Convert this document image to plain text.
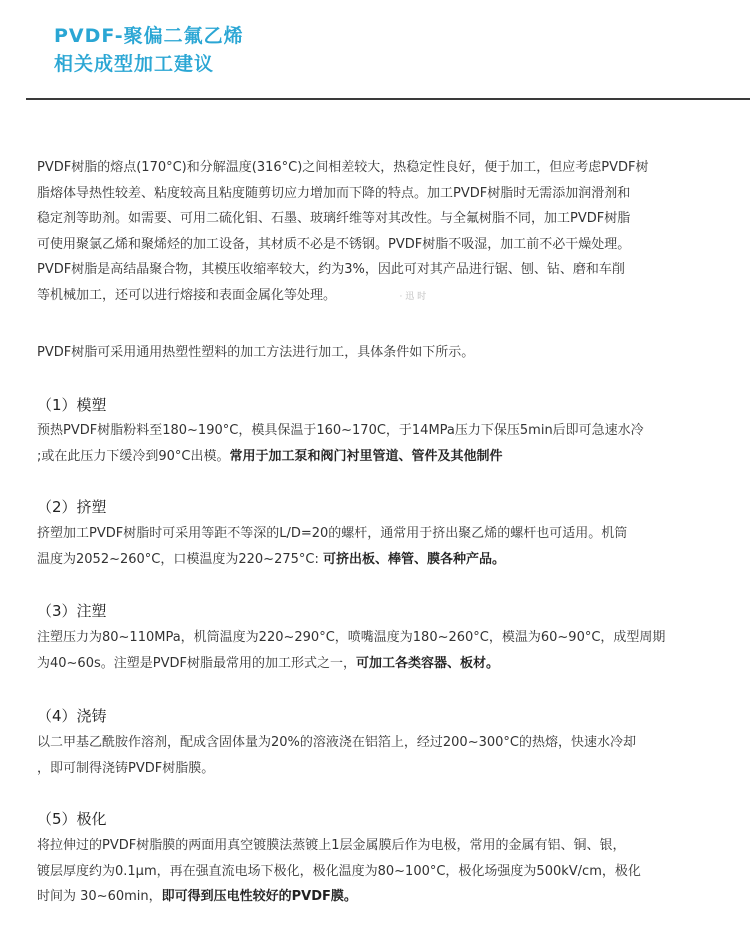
PVDF-聚偏二氟乙烯
相关成型加工建议
PVDF树脂的熔点(170°C)和分解温度(316°C)之间相差较大，热稳定性良好，便于加工，但应考虑PVDF树
脂熔体导热性较差、粘度较高且粘度随剪切应力增加而下降的特点。加工PVDF树脂时无需添加润滑剂和
稳定剂等助剂。如需要、可用二硫化钼、石墨、玻璃纤维等对其改性。与全氟树脂不同，加工PVDF树脂
可使用聚氯乙烯和聚烯烃的加工设备，其材质不必是不锈钢。PVDF树脂不吸湿，加工前不必干燥处理。
PVDF树脂是高结晶聚合物，其模压收缩率较大，约为3%，因此可对其产品进行锯、刨、钻、磨和车削
等机械加工，还可以进行熔接和表面金属化等处理。	· 迅 时
PVDF树脂可采用通用热塑性塑料的加工方法进行加工，具体条件如下所示。
（1）模塑
预热PVDF树脂粉料至180~190°C，模具保温于160~170C，于14MPa压力下保压5min后即可急速水冷
;或在此压力下缓冷到90°C出模。常用于加工泵和阀门衬里管道、管件及其他制件
（2）挤塑
挤塑加工PVDF树脂时可采用等距不等深的L/D=20的螺杆，通常用于挤出聚乙烯的螺杆也可适用。机筒
温度为2052~260°C，口模温度为220~275°C: 可挤出板、棒管、膜各种产品。
（3）注塑
注塑压力为80~110MPa，机筒温度为220~290°C，喷嘴温度为180~260°C，模温为60~90°C，成型周期
为40~60s。注塑是PVDF树脂最常用的加工形式之一，可加工各类容器、板材。
（4）浇铸
以二甲基乙酰胺作溶剂，配成含固体量为20%的溶液浇在铝箔上，经过200~300°C的热熔，快速水冷却
，即可制得浇铸PVDF树脂膜。
（5）极化
将拉伸过的PVDF树脂膜的两面用真空镀膜法蒸镀上1层金属膜后作为电极，常用的金属有铝、铜、银，
镀层厚度约为0.1μm，再在强直流电场下极化，极化温度为80~100°C，极化场强度为500kV/cm，极化
时间为 30~60min，即可得到压电性较好的PVDF膜。
